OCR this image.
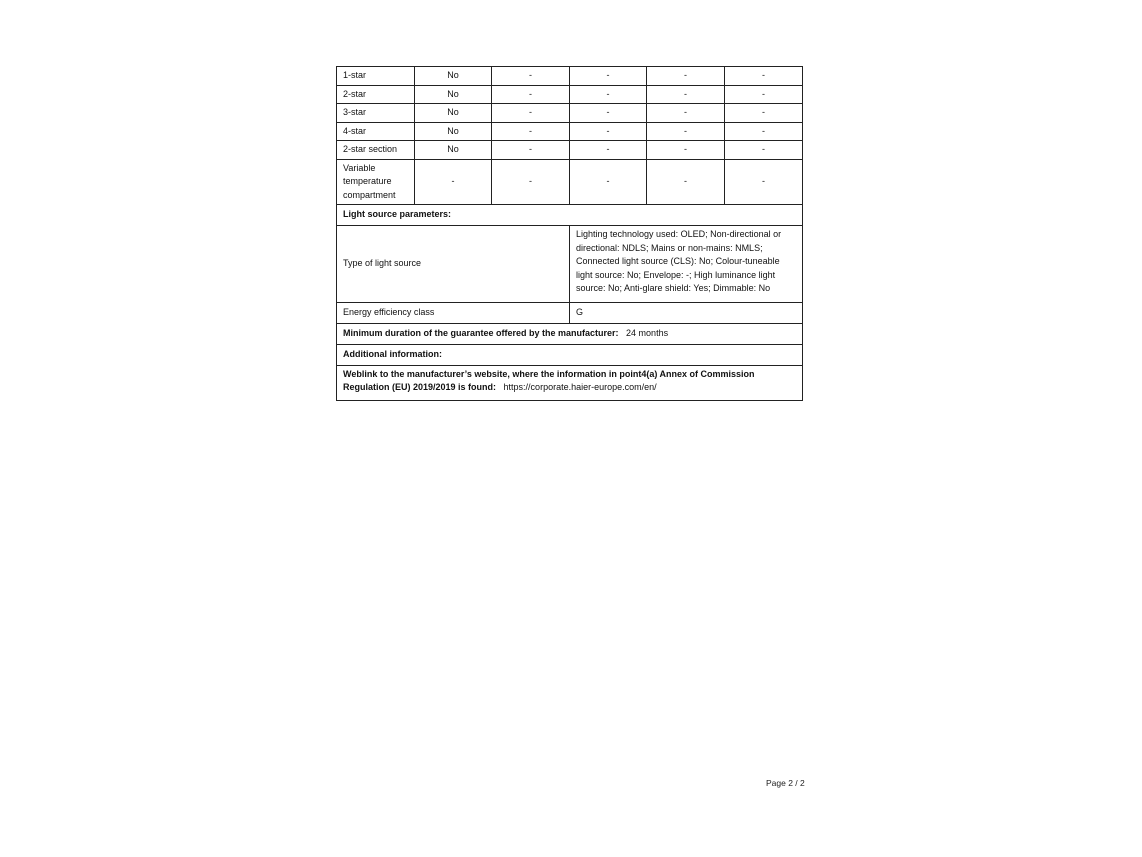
1-star	No	-	-	-	-
2-star	No	-	-	-	-
3-star	No	-	-	-	-
4-star	No	-	-	-	-
2-star section	No	-	-	-	-
Variable temperature compartment	-	-	-	-	-
Light source parameters:					
Type of light source			Lighting technology used: OLED; Non-directional or directional: NDLS; Mains or non-mains: NMLS; Connected light source (CLS): No; Colour-tuneable light source: No; Envelope: -; High luminance light source: No; Anti-glare shield: Yes; Dimmable: No		
Energy efficiency class			G		
Minimum duration of the guarantee offered by the manufacturer: 24 months					
Additional information:					
Weblink to the manufacturer’s website, where the information in point4(a) Annex of Commission Regulation (EU) 2019/2019 is found: https://corporate.haier-europe.com/en/					
Page 2 / 2
